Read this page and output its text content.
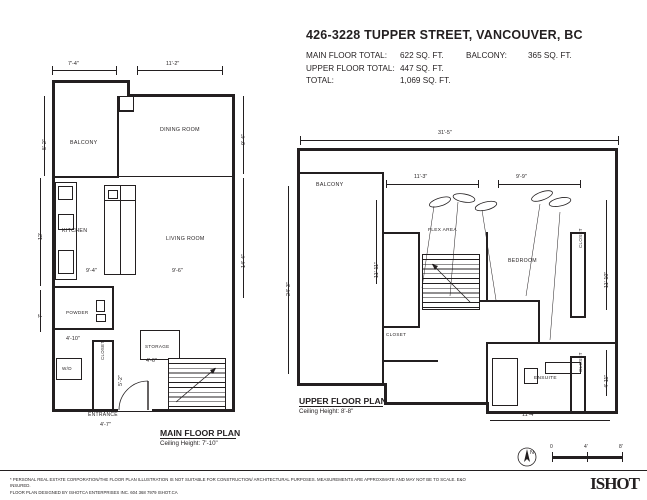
426-3228 TUPPER STREET, VANCOUVER, BC
MAIN FLOOR TOTAL:	622 SQ. FT.	BALCONY:	365 SQ. FT.
UPPER FLOOR TOTAL: 447 SQ. FT.
TOTAL:	1,069 SQ. FT.
7'-4"	11'-2"
BALCONY
DINING ROOM
KITCHEN
LIVING ROOM
POWDER
STORAGE
W/D
CLOSET
ENTRANCE
5'-2"
12'
7'
9'-4"
14'-4"
9'-4"	9'-6"
4'-10"
4'-6"
5'-2"
4'-7"
MAIN FLOOR PLAN
Ceiling Height: 7'-10"
31'-5"
BALCONY
FLEX AREA
BEDROOM
CLOSET
CLOSET
CLOSET
ENSUITE
11'-3"	9'-9"
11'-11"
24'-3"
11'-10"
4'-11"
11'-4"
UPPER FLOOR PLAN
Ceiling Height: 8'-8"
N
0	4'	8'
* PERSONAL REAL ESTATE CORPORATION/THE FLOOR PLAN ILLUSTRATION IS NOT SUITABLE FOR CONSTRUCTION/ ARCHITECTURAL PURPOSES. MEASUREMENTS ARE APPROXIMATE AND MAY NOT BE TO SCALE. E&O INSURED.
FLOOR PLAN DESIGNED BY ISHOTCA ENTERPRISES INC. 604 368 7979 ISHOT.CA	ISHOT
